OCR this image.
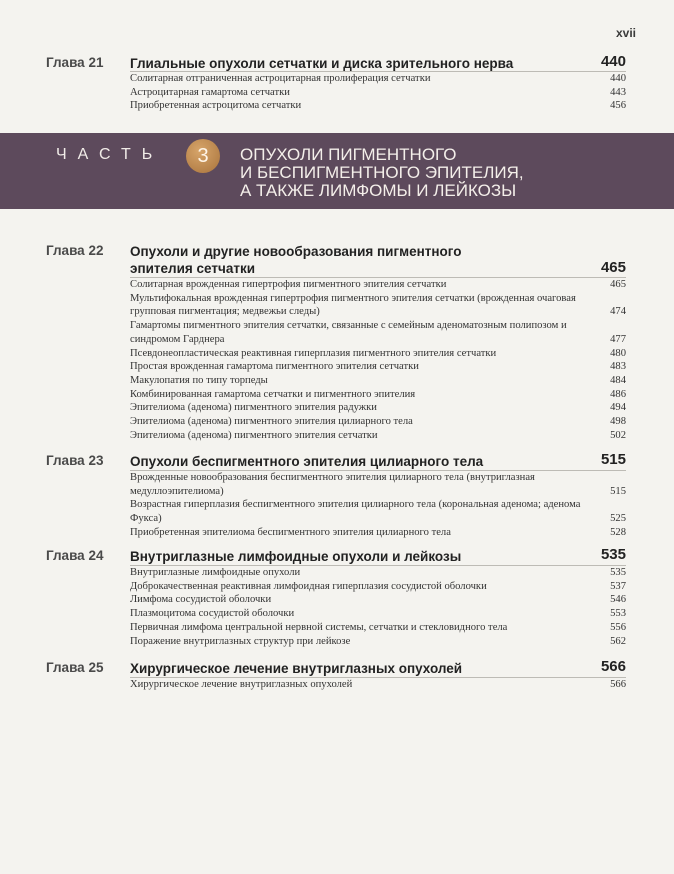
xvii
Глава 21 Глиальные опухоли сетчатки и диска зрительного нерва	440
Солитарная отграниченная астроцитарная пролиферация сетчатки	440
Астроцитарная гамартома сетчатки	443
Приобретенная астроцитома сетчатки	456
ЧАСТЬ	3	ОПУХОЛИ ПИГМЕНТНОГО
И БЕСПИГМЕНТНОГО ЭПИТЕЛИЯ,
А ТАКЖЕ ЛИМФОМЫ И ЛЕЙКОЗЫ
Глава 22 Опухоли и другие новообразования пигментного эпителия сетчатки	465
Солитарная врожденная гипертрофия пигментного эпителия сетчатки	465
Мультифокальная врожденная гипертрофия пигментного эпителия сетчатки (врожденная очаговая групповая пигментация; медвежьи следы)	474
Гамартомы пигментного эпителия сетчатки, связанные с семейным аденоматозным полипозом и синдромом Гарднера	477
Псевдонеопластическая реактивная гиперплазия пигментного эпителия сетчатки	480
Простая врожденная гамартома пигментного эпителия сетчатки	483
Макулопатия по типу торпеды	484
Комбинированная гамартома сетчатки и пигментного эпителия	486
Эпителиома (аденома) пигментного эпителия радужки	494
Эпителиома (аденома) пигментного эпителия цилиарного тела	498
Эпителиома (аденома) пигментного эпителия сетчатки	502
Глава 23 Опухоли беспигментного эпителия цилиарного тела	515
Врожденные новообразования беспигментного эпителия цилиарного тела (внутриглазная медуллоэпителиома)	515
Возрастная гиперплазия беспигментного эпителия цилиарного тела (корональная аденома; аденома Фукса)	525
Приобретенная эпителиома беспигментного эпителия цилиарного тела	528
Глава 24 Внутриглазные лимфоидные опухоли и лейкозы	535
Внутриглазные лимфоидные опухоли	535
Доброкачественная реактивная лимфоидная гиперплазия сосудистой оболочки	537
Лимфома сосудистой оболочки	546
Плазмоцитома сосудистой оболочки	553
Первичная лимфома центральной нервной системы, сетчатки и стекловидного тела	556
Поражение внутриглазных структур при лейкозе	562
Глава 25 Хирургическое лечение внутриглазных опухолей	566
Хирургическое лечение внутриглазных опухолей	566
